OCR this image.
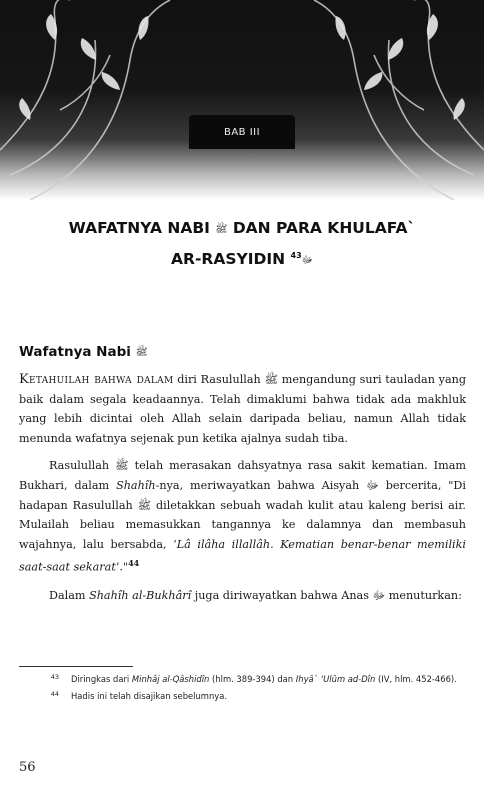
BAB III
WAFATNYA NABI ﷺ DAN PARA KHULAFA`
AR-RASYIDIN ﷻ$^{43}$
Wafatnya Nabi ﷺ

Ketahuilah bahwa dalam diri Rasulullah ﷺ mengandung suri tauladan yang baik dalam segala keadaannya. Telah dimaklumi bahwa tidak ada makhluk yang lebih dicintai oleh Allah selain daripada beliau, namun Allah tidak menunda wafatnya sejenak pun ketika ajalnya sudah tiba.

Rasulullah ﷺ telah merasakan dahsyatnya rasa sakit kematian. Imam Bukhari, dalam Shahîh-nya, meriwayatkan bahwa Aisyah ﷻ bercerita, "Di hadapan Rasulullah ﷺ diletakkan sebuah wadah kulit atau kaleng berisi air. Mulailah beliau memasukkan tangannya ke dalamnya dan membasuh wajahnya, lalu bersabda, ‘Lâ ilâha illallâh. Kematian benar-benar memiliki saat-saat sekarat’."$^{44}$

Dalam Shahîh al-Bukhârî juga diriwayatkan bahwa Anas ﷻ menuturkan:

43	Diringkas dari Minhâj al-Qâshidîn (hlm. 389-394) dan Ihyâ` ‘Ulûm ad-Dîn (IV, hlm. 452-466).
44	Hadis ini telah disajikan sebelumnya.
56
